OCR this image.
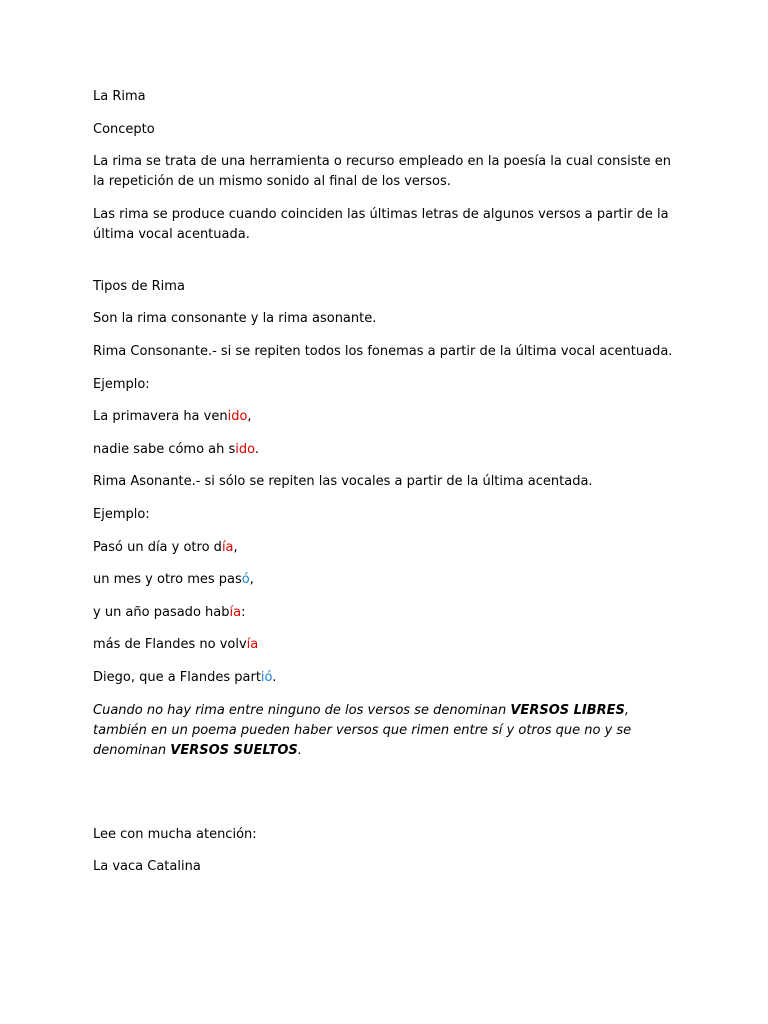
La Rima

Concepto

La rima se trata de una herramienta o recurso empleado en la poesía la cual consiste en la repetición de un mismo sonido al final de los versos.

Las rima se produce cuando coinciden las últimas letras de algunos versos a partir de la última vocal acentuada.

Tipos de Rima

Son la rima consonante y la rima asonante.

Rima Consonante.- si se repiten todos los fonemas a partir de la última vocal acentuada.

Ejemplo:

La primavera ha venido,

nadie sabe cómo ah sido.

Rima Asonante.- si sólo se repiten las vocales a partir de la última acentada.

Ejemplo:

Pasó un día y otro día,

un mes y otro mes pasó,

y un año pasado había:

más de Flandes no volvía

Diego, que a Flandes partió.

Cuando no hay rima entre ninguno de los versos se denominan VERSOS LIBRES, también en un poema pueden haber versos que rimen entre sí y otros que no y se denominan VERSOS SUELTOS.

Lee con mucha atención:

La vaca Catalina
